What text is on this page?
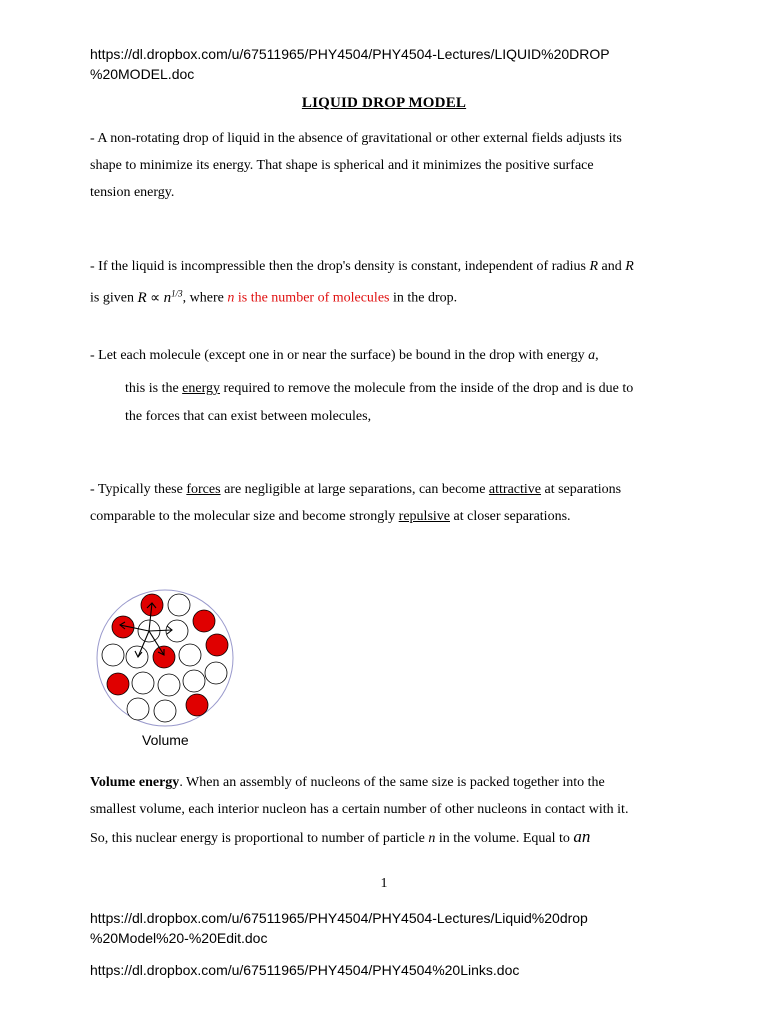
https://dl.dropbox.com/u/67511965/PHY4504/PHY4504-Lectures/LIQUID%20DROP
%20MODEL.doc
LIQUID DROP MODEL
- A non-rotating drop of liquid in the absence of gravitational or other external fields adjusts its
shape to minimize its energy. That shape is spherical and it minimizes the positive surface
tension energy.
- If the liquid is incompressible then the drop's density is constant, independent of radius R and R
is given $R \propto n^{1/3}$, where n is the number of molecules in the drop.
- Let each molecule (except one in or near the surface) be bound in the drop with energy a,
this is the energy required to remove the molecule from the inside of the drop and is due to
the forces that can exist between molecules,
- Typically these forces are negligible at large separations, can become attractive at separations
comparable to the molecular size and become strongly repulsive at closer separations.
Volume
Volume energy. When an assembly of nucleons of the same size is packed together into the
smallest volume, each interior nucleon has a certain number of other nucleons in contact with it.
So, this nuclear energy is proportional to number of particle n in the volume. Equal to an
1
https://dl.dropbox.com/u/67511965/PHY4504/PHY4504-Lectures/Liquid%20drop
%20Model%20-%20Edit.doc
https://dl.dropbox.com/u/67511965/PHY4504/PHY4504%20Links.doc
